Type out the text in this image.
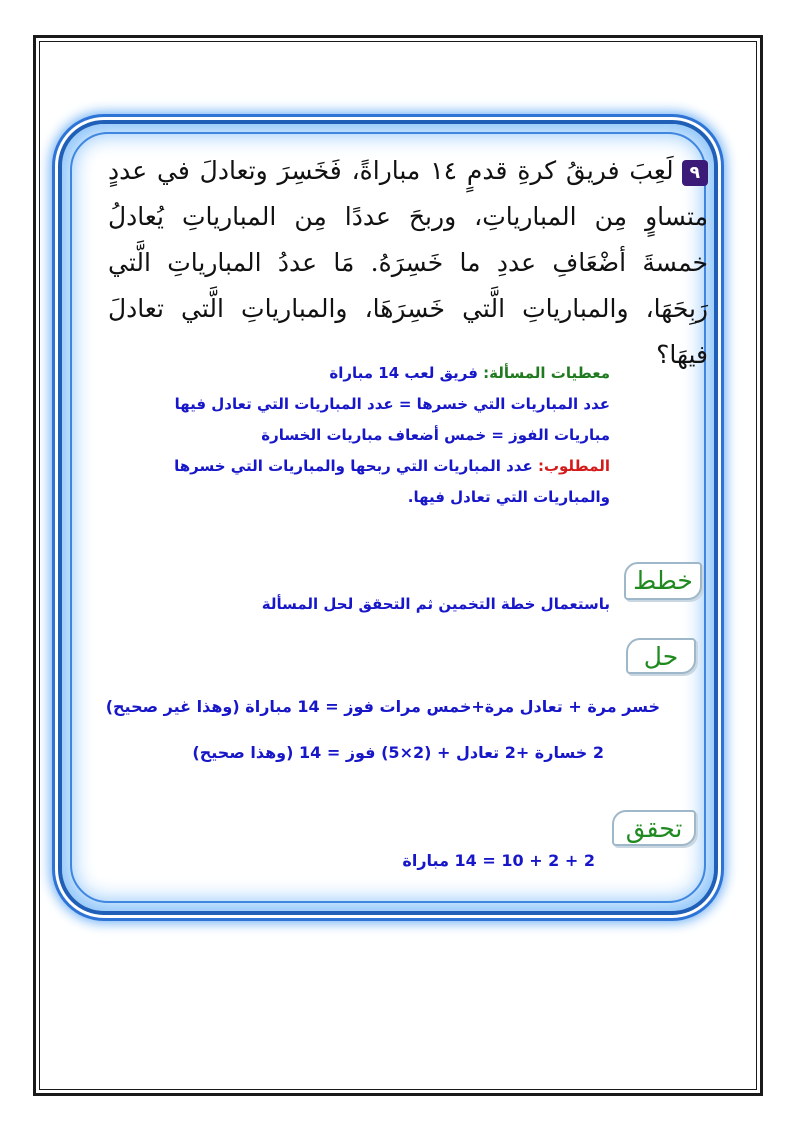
٩لَعِبَ فريقُ كرةِ قدمٍ ١٤ مباراةً، فَخَسِرَ وتعادلَ في عددٍ متساوٍ مِن المبارياتِ، وربحَ عددًا مِن المبارياتِ يُعادلُ خمسةَ أضْعَافِ عددِ ما خَسِرَهُ. مَا عددُ المبارياتِ الَّتي رَبِحَهَا، والمبارياتِ الَّتي خَسِرَهَا، والمبارياتِ الَّتي تعادلَ فيهَا؟
معطيات المسألة: فريق لعب 14 مباراة
عدد المباريات التي خسرها = عدد المباريات التي تعادل فيها
مباريات الفوز = خمس أضعاف مباريات الخسارة
المطلوب: عدد المباريات التي ربحها والمباريات التي خسرها والمباريات التي تعادل فيها.
خطط
باستعمال خطة التخمين ثم التحقق لحل المسألة
حل
خسر مرة + تعادل مرة+خمس مرات فوز = 14 مباراة (وهذا غير صحيح)
2 خسارة +2 تعادل + (2×5) فوز = 14 (وهذا صحيح)
تحقق
2 + 2 + 10 = 14 مباراة
